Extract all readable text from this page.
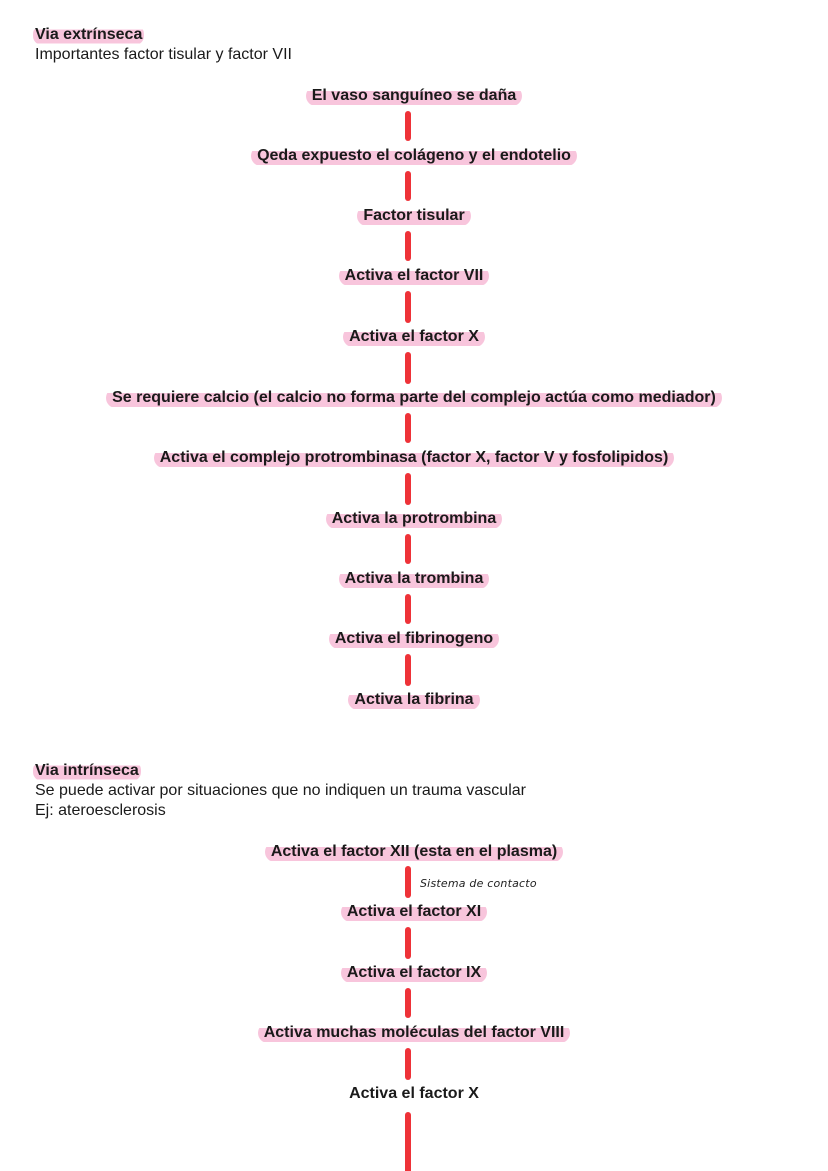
Via extrínseca
Importantes factor tisular y factor VII
El vaso sanguíneo se daña
Qeda expuesto el colágeno y el endotelio
Factor tisular
Activa el factor VII
Activa el factor X
Se requiere calcio (el calcio no forma parte del complejo actúa como mediador)
Activa el complejo protrombinasa (factor X, factor V y fosfolipidos)
Activa la protrombina
Activa la trombina
Activa el fibrinogeno
Activa la fibrina
Via intrínseca
Se puede activar por situaciones que no indiquen un trauma vascular
Ej: ateroesclerosis
Activa el factor XII (esta en el plasma)
Sistema de contacto
Activa el factor XI
Activa el factor IX
Activa muchas moléculas del factor VIII
Activa el factor X
